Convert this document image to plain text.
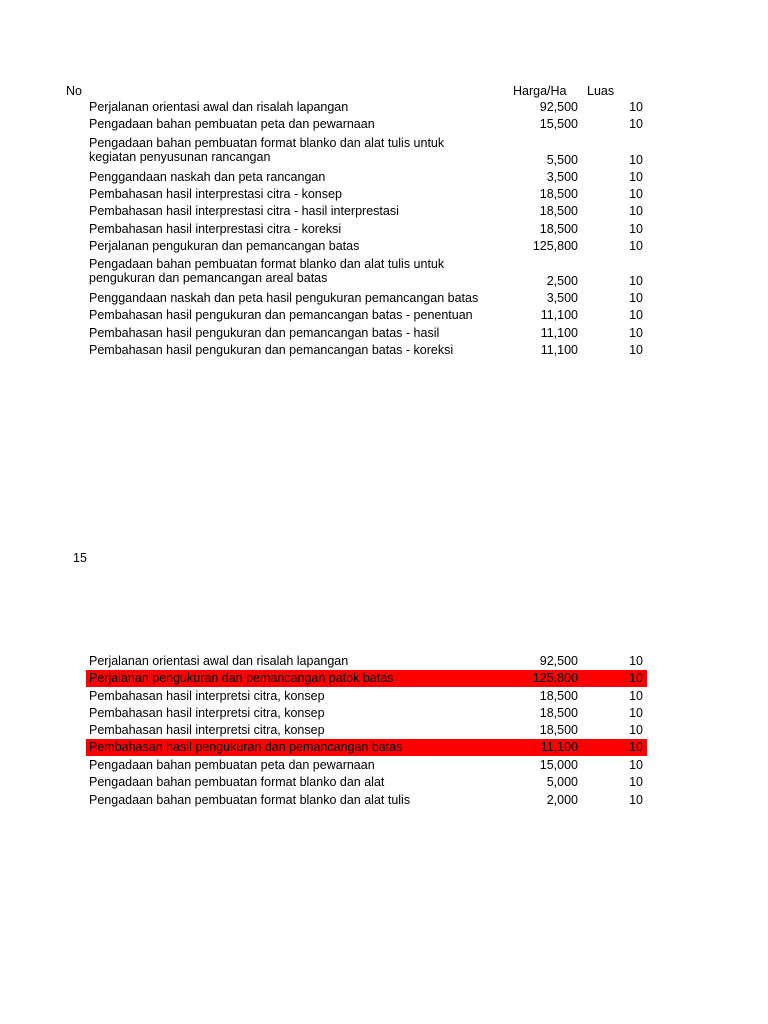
No	Harga/Ha Luas
Perjalanan orientasi awal dan risalah lapangan	92,500	10
Pengadaan bahan pembuatan peta dan pewarnaan	15,500	10
Pengadaan bahan pembuatan format blanko dan alat tulis untuk kegiatan penyusunan rancangan	5,500	10
Penggandaan naskah dan peta rancangan	3,500	10
Pembahasan hasil interprestasi citra - konsep	18,500	10
Pembahasan hasil interprestasi citra - hasil interprestasi	18,500	10
Pembahasan hasil interprestasi citra - koreksi	18,500	10
Perjalanan pengukuran dan pemancangan batas	125,800	10
Pengadaan bahan pembuatan format blanko dan alat tulis untuk pengukuran dan pemancangan areal batas	2,500	10
Penggandaan naskah dan peta hasil pengukuran pemancangan batas	3,500	10
Pembahasan hasil pengukuran dan pemancangan batas - penentuan	11,100	10
Pembahasan hasil pengukuran dan pemancangan batas - hasil	11,100	10
Pembahasan hasil pengukuran dan pemancangan batas - koreksi	11,100	10
15
Perjalanan orientasi awal dan risalah lapangan	92,500	10
Perjalanan pengukuran dan pemancangan patok batas	125,800	10
Pembahasan hasil interpretsi citra, konsep	18,500	10
Pembahasan hasil interpretsi citra, konsep	18,500	10
Pembahasan hasil interpretsi citra, konsep	18,500	10
Pembahasan hasil pengukuran dan pemancangan batas	11,100	10
Pengadaan bahan pembuatan peta dan pewarnaan	15,000	10
Pengadaan bahan pembuatan format blanko dan alat	5,000	10
Pengadaan bahan pembuatan format blanko dan alat tulis	2,000	10
